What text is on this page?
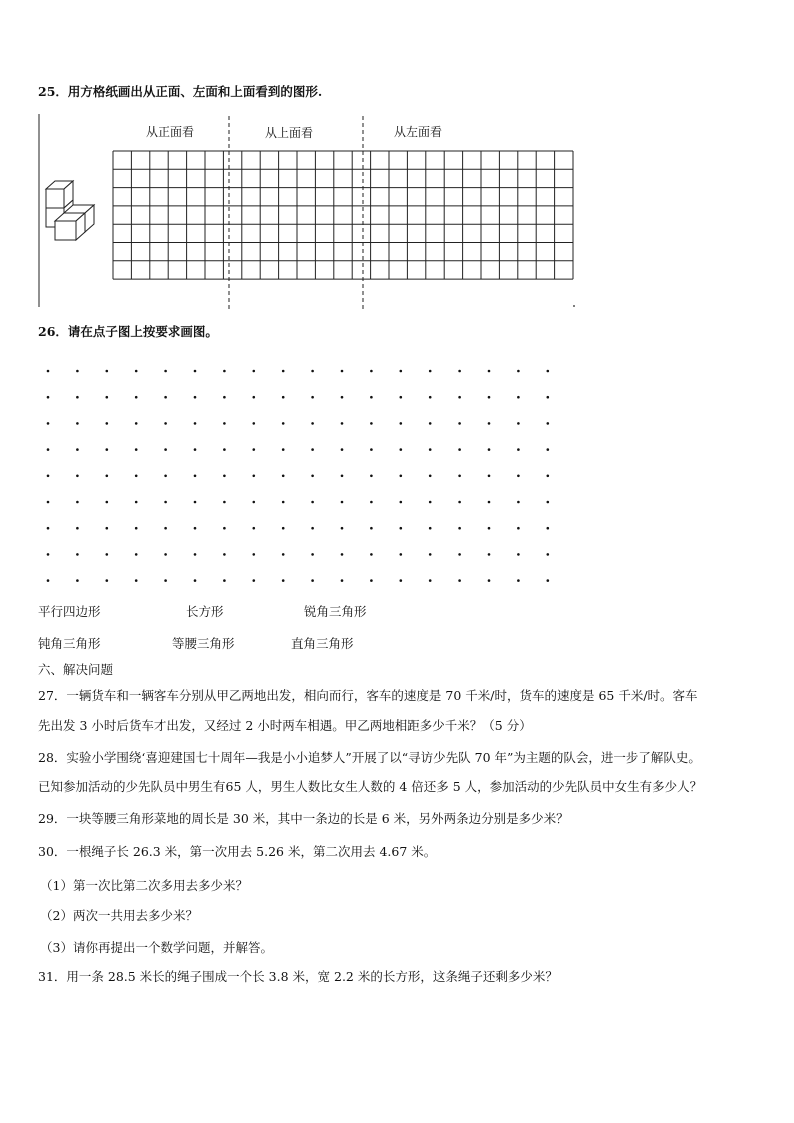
25．用方格纸画出从正面、左面和上面看到的图形.
从正面看	从上面看	从左面看
26．请在点子图上按要求画图。
平行四边形	长方形	锐角三角形
钝角三角形	等腰三角形	直角三角形
六、解决问题
27．一辆货车和一辆客车分别从甲乙两地出发，相向而行，客车的速度是 70 千米/时，货车的速度是 65 千米/时。客车
先出发 3 小时后货车才出发，又经过 2 小时两车相遇。甲乙两地相距多少千米？（5 分）
28．实验小学围绕‘喜迎建国七十周年—我是小小追梦人”开展了以“寻访少先队 70 年”为主题的队会，进一步了解队史。
已知参加活动的少先队员中男生有65 人，男生人数比女生人数的 4 倍还多 5 人，参加活动的少先队员中女生有多少人？
29．一块等腰三角形菜地的周长是 30 米，其中一条边的长是 6 米，另外两条边分别是多少米？
30．一根绳子长 26.3 米，第一次用去 5.26 米，第二次用去 4.67 米。
（1）第一次比第二次多用去多少米？
（2）两次一共用去多少米？
（3）请你再提出一个数学问题，并解答。
31．用一条 28.5 米长的绳子围成一个长 3.8 米，宽 2.2 米的长方形，这条绳子还剩多少米？
